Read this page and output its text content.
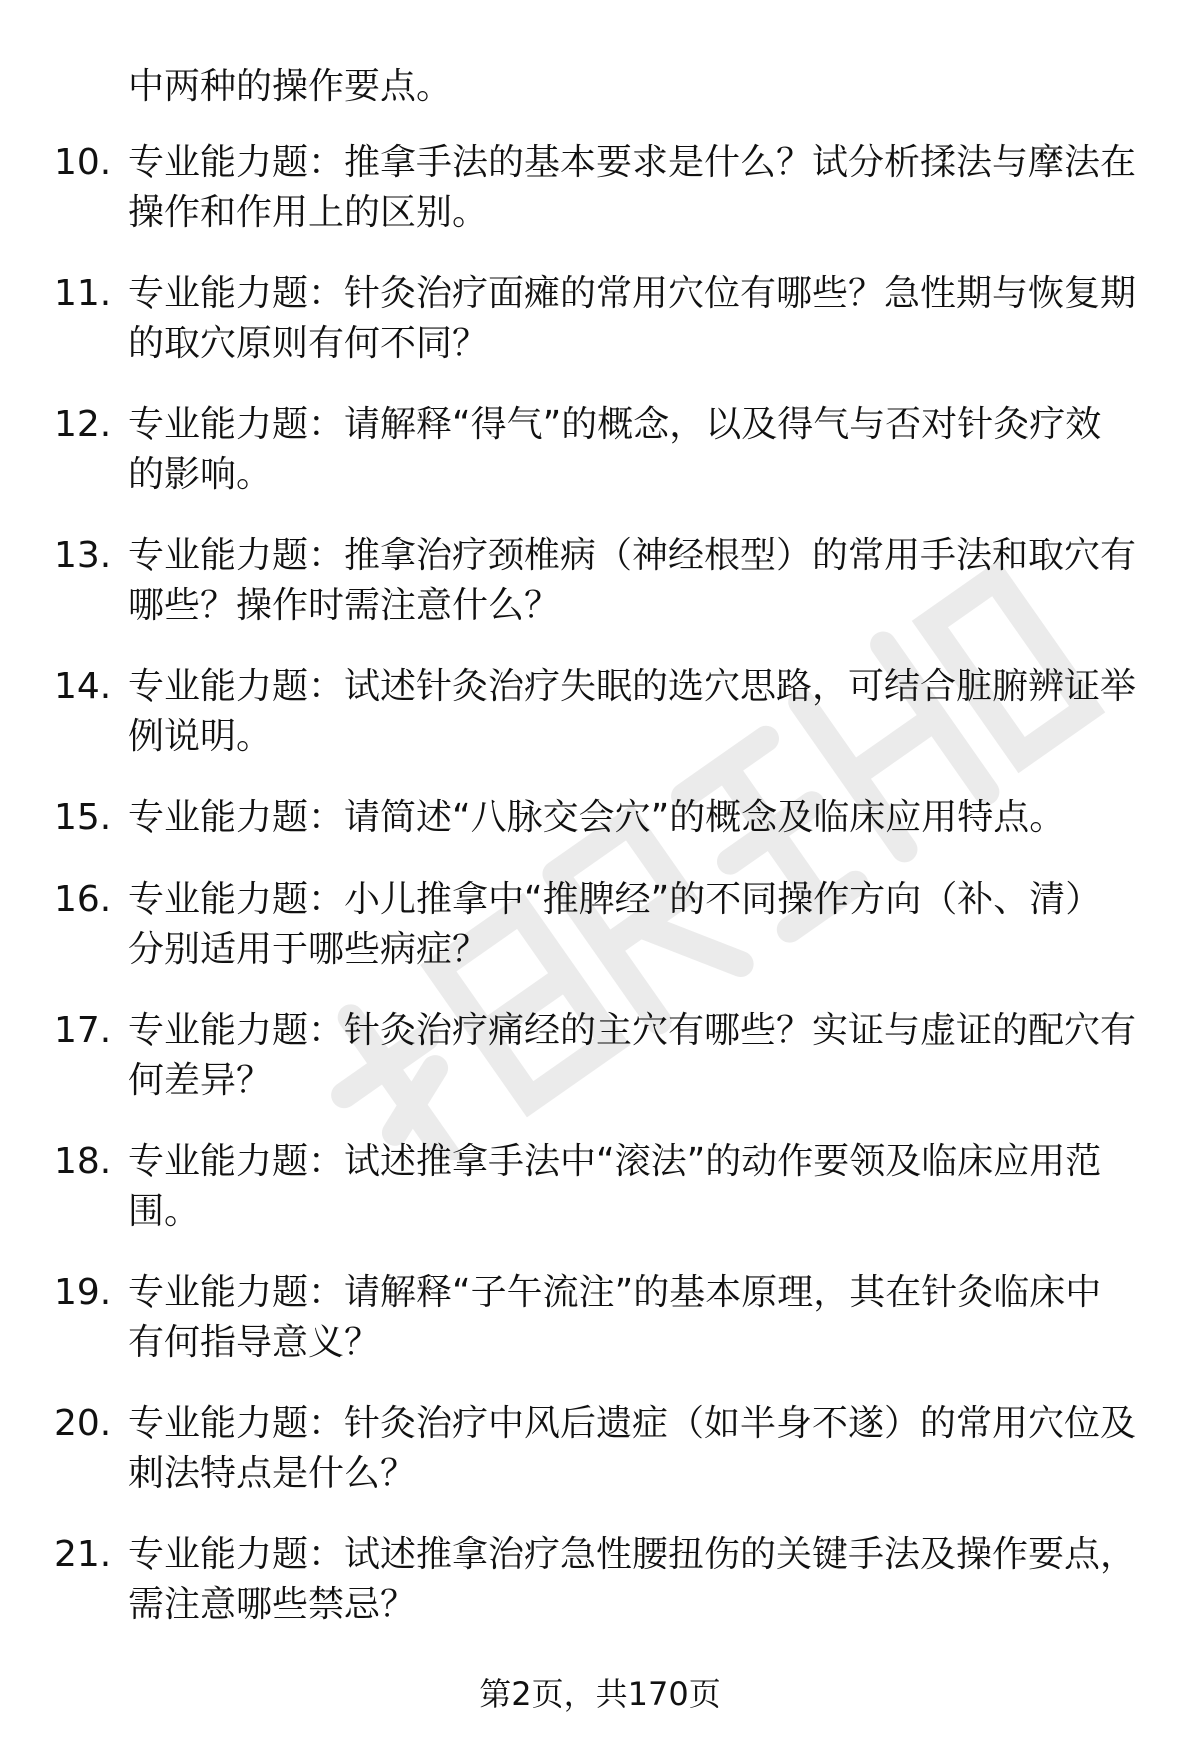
中两种的操作要点。
10. 专业能力题：推拿手法的基本要求是什么？试分析揉法与摩法在
操作和作用上的区别。
11. 专业能力题：针灸治疗面瘫的常用穴位有哪些？急性期与恢复期
的取穴原则有何不同？
12. 专业能力题：请解释“得气”的概念，以及得气与否对针灸疗效
的影响。
13. 专业能力题：推拿治疗颈椎病（神经根型）的常用手法和取穴有
哪些？操作时需注意什么？
14. 专业能力题：试述针灸治疗失眠的选穴思路，可结合脏腑辨证举
例说明。
15. 专业能力题：请简述“八脉交会穴”的概念及临床应用特点。
16. 专业能力题：小儿推拿中“推脾经”的不同操作方向（补、清）
分别适用于哪些病症？
17. 专业能力题：针灸治疗痛经的主穴有哪些？实证与虚证的配穴有
何差异？
18. 专业能力题：试述推拿手法中“滚法”的动作要领及临床应用范
围。
19. 专业能力题：请解释“子午流注”的基本原理，其在针灸临床中
有何指导意义？
20. 专业能力题：针灸治疗中风后遗症（如半身不遂）的常用穴位及
刺法特点是什么？
21. 专业能力题：试述推拿治疗急性腰扭伤的关键手法及操作要点，
需注意哪些禁忌？
第2页，共170页
